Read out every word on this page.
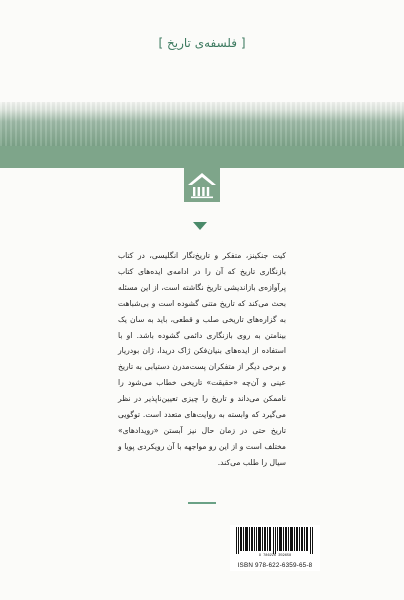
[ فلسفه‌ی تاریخ ]

کیت جنکینز، متفکر و تاریخ‌نگار انگلیسی، در کتاب بازنگاری تاریخ که آن را در ادامه‌ی ایده‌های کتاب پرآوازه‌ی بازاندیشی تاریخ نگاشته است، از این مسئله بحث می‌کند که تاریخ متنی گشوده است و بی‌شباهت به گزاره‌های تاریخی صلب و قطعی، باید به سان یک بینامتن به روی بازنگاری دائمی گشوده باشد. او با استفاده از ایده‌های بنیان‌فکن ژاک دریدا، ژان بودریار و برخی دیگر از متفکران پست‌مدرن دستیابی به تاریخ عینی و آن‌چه «حقیقت» تاریخی خطاب می‌شود را ناممکن می‌داند و تاریخ را چیزی تعیین‌ناپذیر در نظر می‌گیرد که وابسته به روایت‌های متعدد است. توگویی تاریخ حتی در زمان حال نیز آبستن «رویدادهای» مختلف است و از این رو مواجهه با آن رویکردی پویا و سیال را طلب می‌کند.

9 786226 359658
ISBN 978-622-6359-65-8
